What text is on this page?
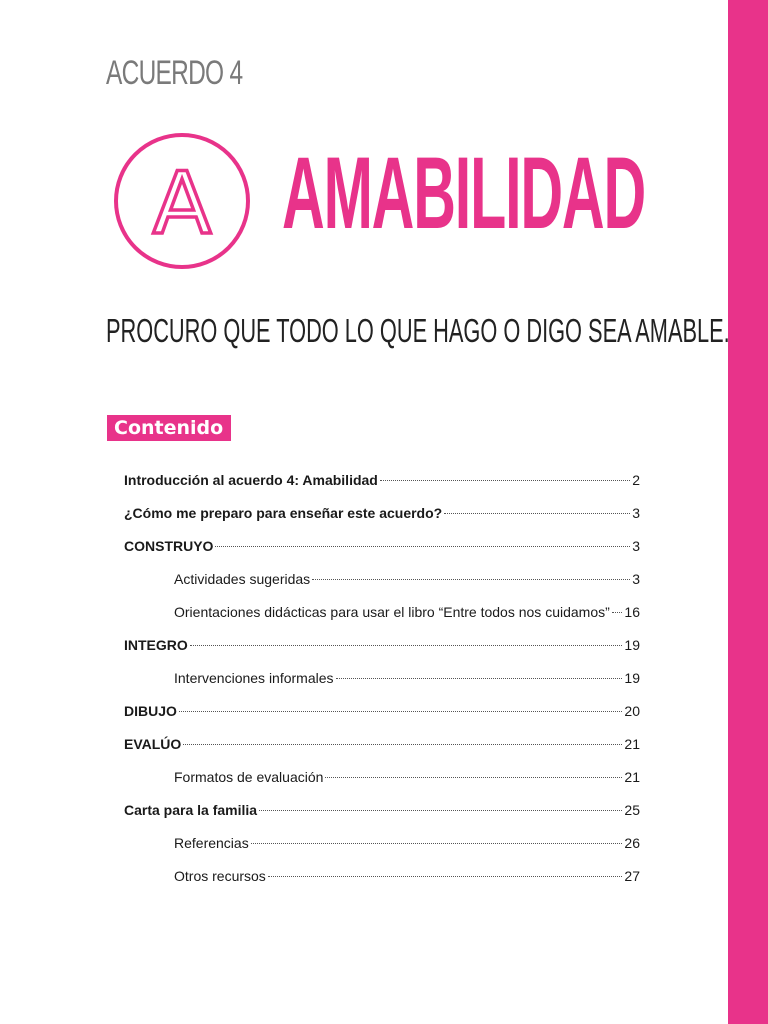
ACUERDO 4
A AMABILIDAD
PROCURO QUE TODO LO QUE HAGO O DIGO SEA AMABLE.
Contenido
Introducción al acuerdo 4: Amabilidad	2
¿Cómo me preparo para enseñar este acuerdo?	3
CONSTRUYO	3
Actividades sugeridas	3
Orientaciones didácticas para usar el libro “Entre todos nos cuidamos” 16
INTEGRO	19
Intervenciones informales	19
DIBUJO	20
EVALÚO	21
Formatos de evaluación	21
Carta para la familia	25
Referencias	26
Otros recursos	27
